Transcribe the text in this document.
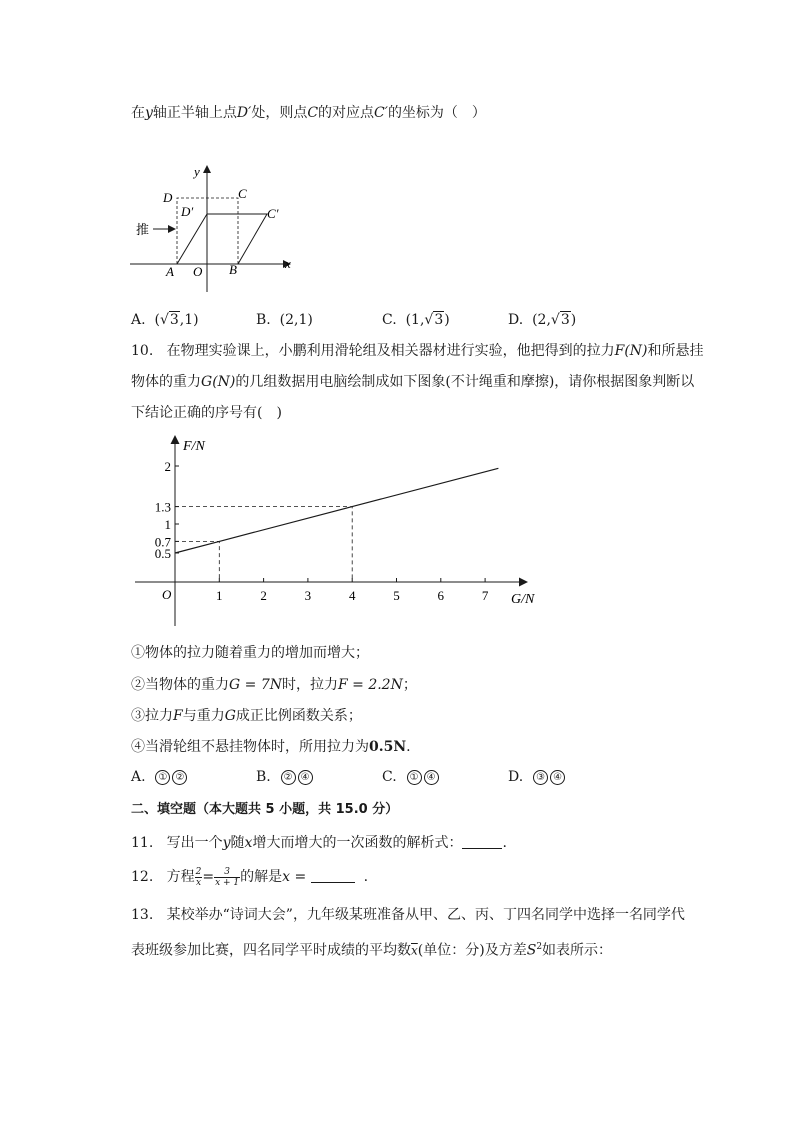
在y轴正半轴上点D′处，则点C的对应点C′的坐标为（　）
推
y
x
D	C
D′	C′
A O B
A. (√3,1)	B. (2,1)	C. (1,√3)	D. (2,√3)
10. 在物理实验课上，小鹏利用滑轮组及相关器材进行实验，他把得到的拉力F(N)和所悬挂
物体的重力G(N)的几组数据用电脑绘制成如下图象(不计绳重和摩擦)，请你根据图象判断以
下结论正确的序号有(　)
F/N
G/N
O	1	2	3	4	5	6	7
0.5
0.7
1
1.3
2
①物体的拉力随着重力的增加而增大；
②当物体的重力G = 7N时，拉力F = 2.2N；
③拉力F与重力G成正比例函数关系；
④当滑轮组不悬挂物体时，所用拉力为0.5N.
A. ① ②	B. ② ④	C. ① ④	D. ③ ④
二、填空题（本大题共 5 小题，共 15.0 分）
11. 写出一个y随x增大而增大的一次函数的解析式：	.
12. 方程 $\frac{2}{x} = \frac{3}{x + 1}$ 的解是x =	.
13. 某校举办“诗词大会”，九年级某班准备从甲、乙、丙、丁四名同学中选择一名同学代
表班级参加比赛，四名同学平时成绩的平均数$\overline{x}$(单位：分)及方差$S^2$如表所示：
